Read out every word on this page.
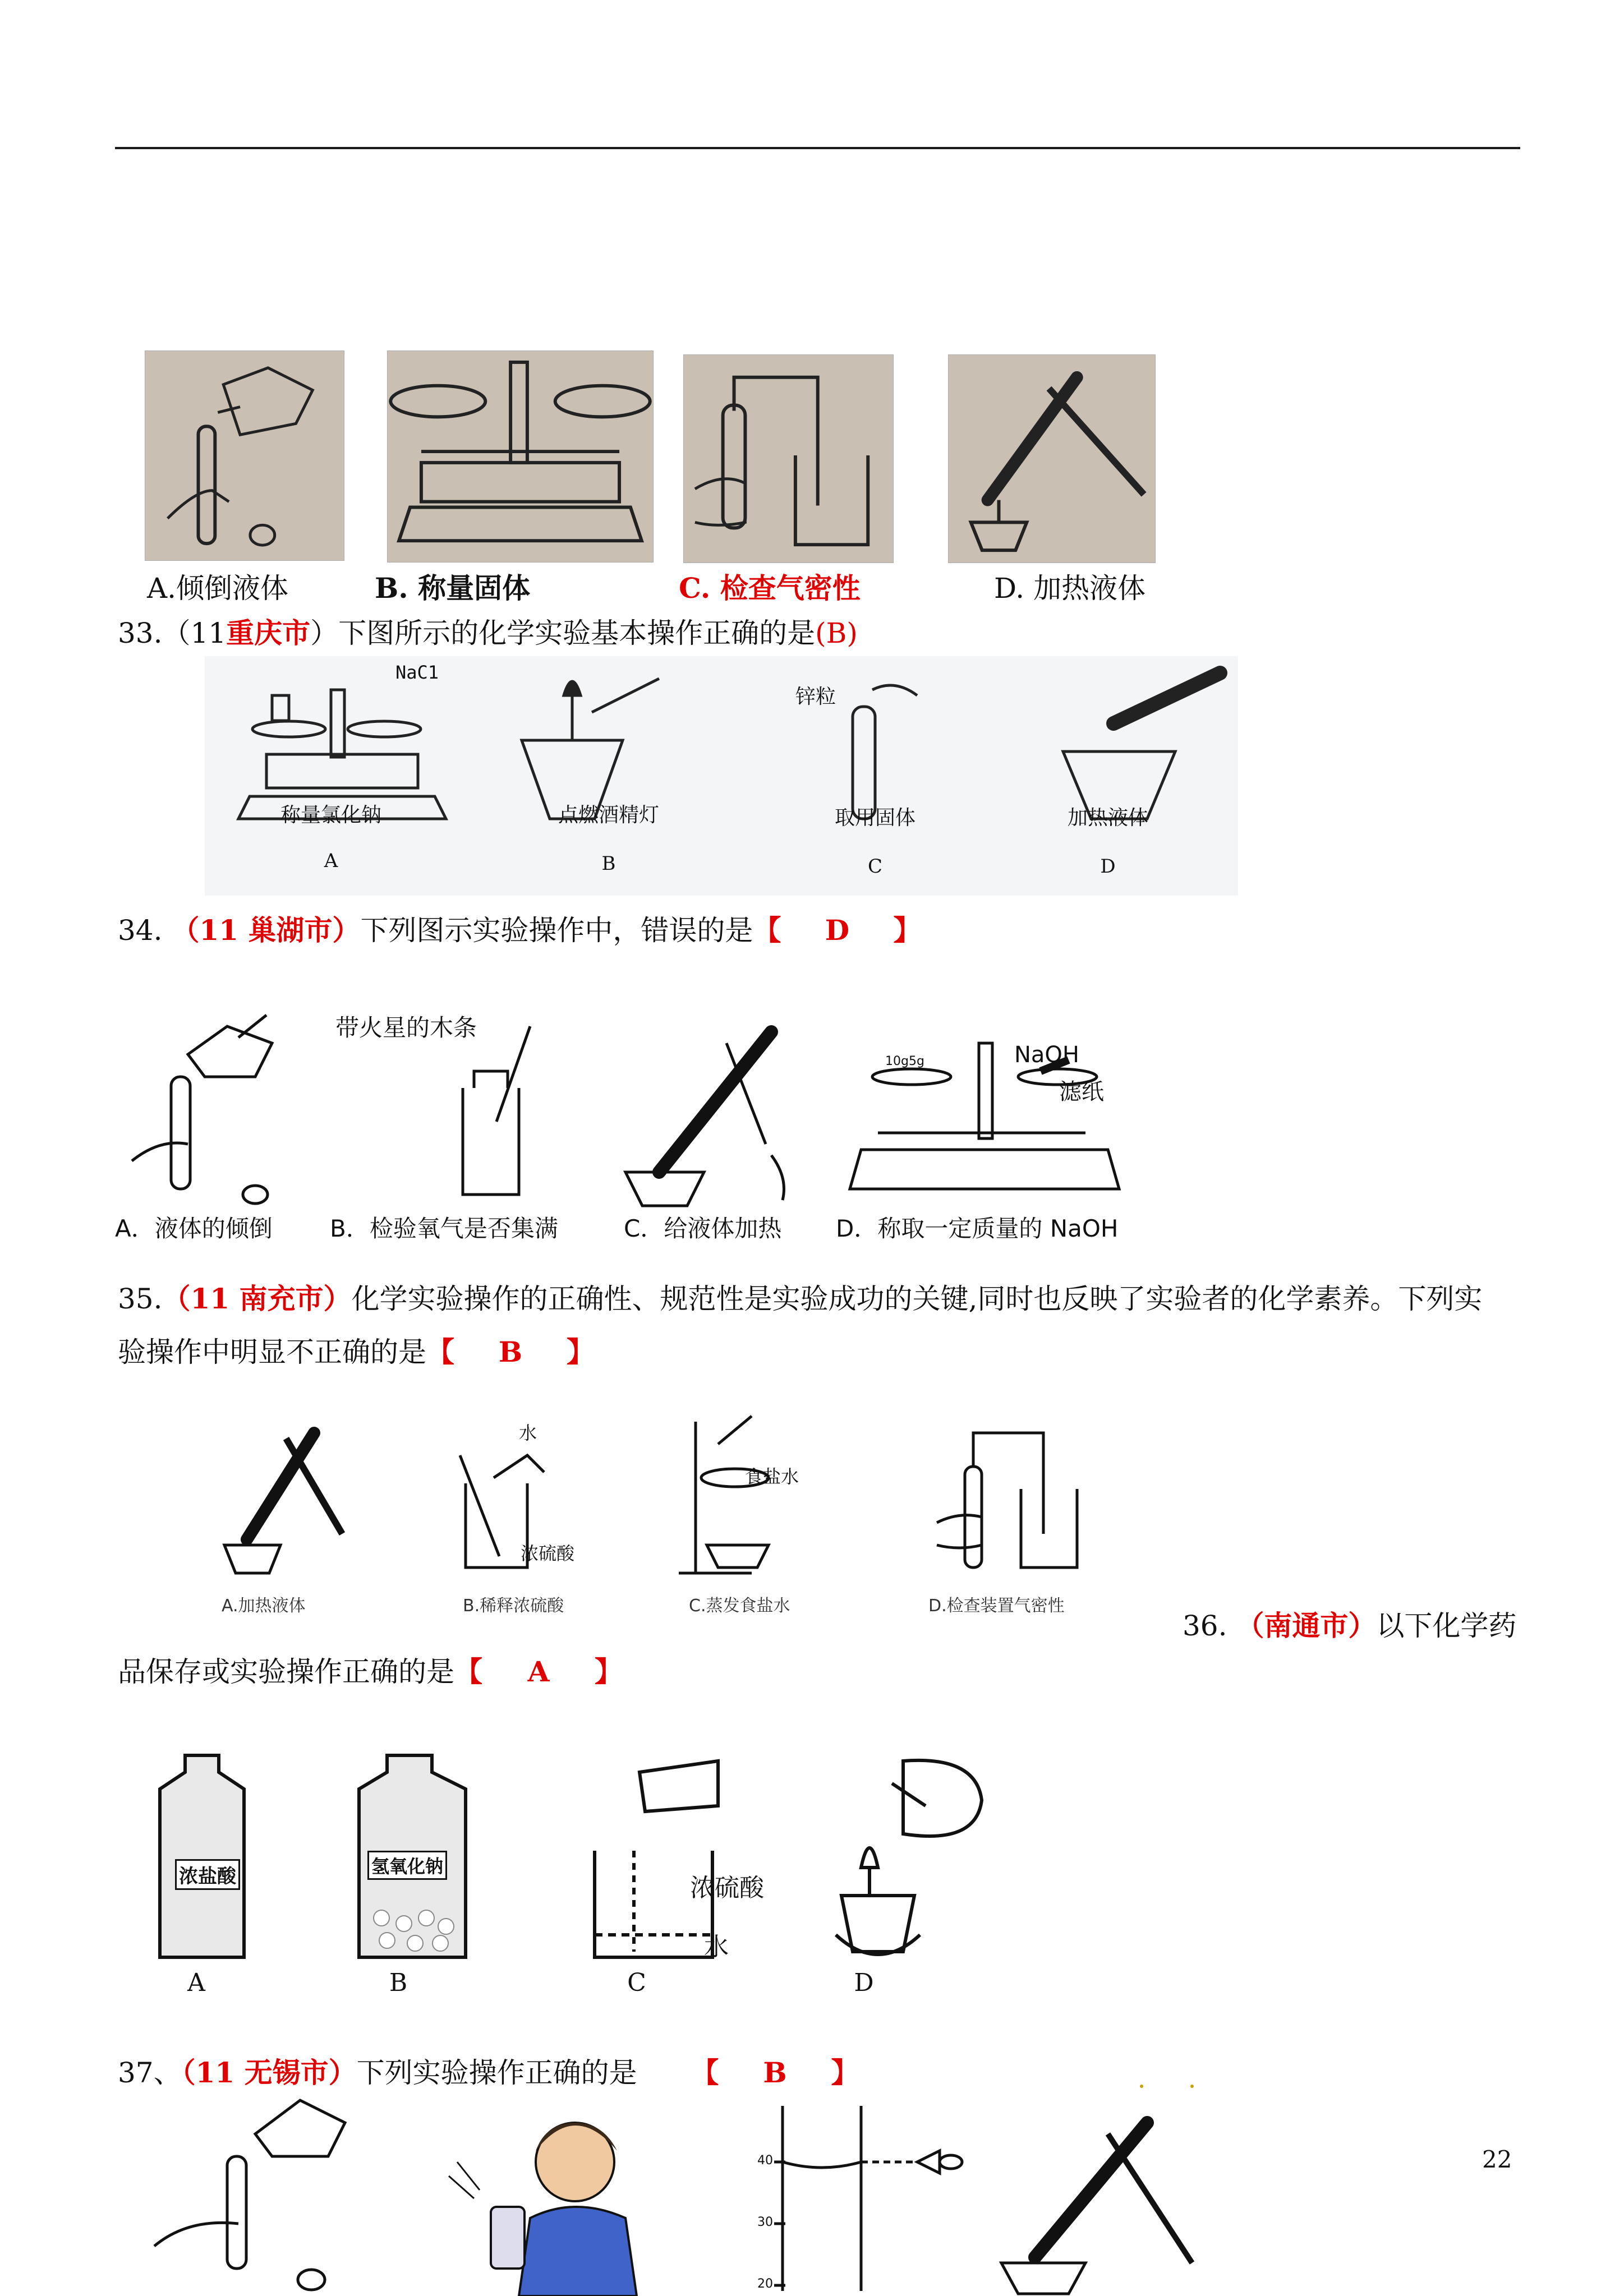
A.倾倒液体	B. 称量固体	C. 检查气密性	D. 加热液体
33.（11重庆市）下图所示的化学实验基本操作正确的是(B)
NaC1
锌粒
称量氯化钠	点燃酒精灯	取用固体	加热液体
A	B	C	D
34. （11 巢湖市）下列图示实验操作中，错误的是【 D 】
带火星的木条
NaOH
滤纸
10g5g
A．液体的倾倒 B．检验氧气是否集满	C．给液体加热 D．称取一定质量的 NaOH
35.（11 南充市）化学实验操作的正确性、规范性是实验成功的关键,同时也反映了实验者的化学素养。下列实
验操作中明显不正确的是【 B 】
水
浓硫酸
食盐水
A.加热液体	B.稀释浓硫酸	C.蒸发食盐水	D.检查装置气密性
36. （南通市）以下化学药
品保存或实验操作正确的是【 A 】
浓盐酸	氢氧化钠
浓硫酸
水
A	B	C	D
37、（11 无锡市）下列实验操作正确的是 【 B 】
40
30
20
22
